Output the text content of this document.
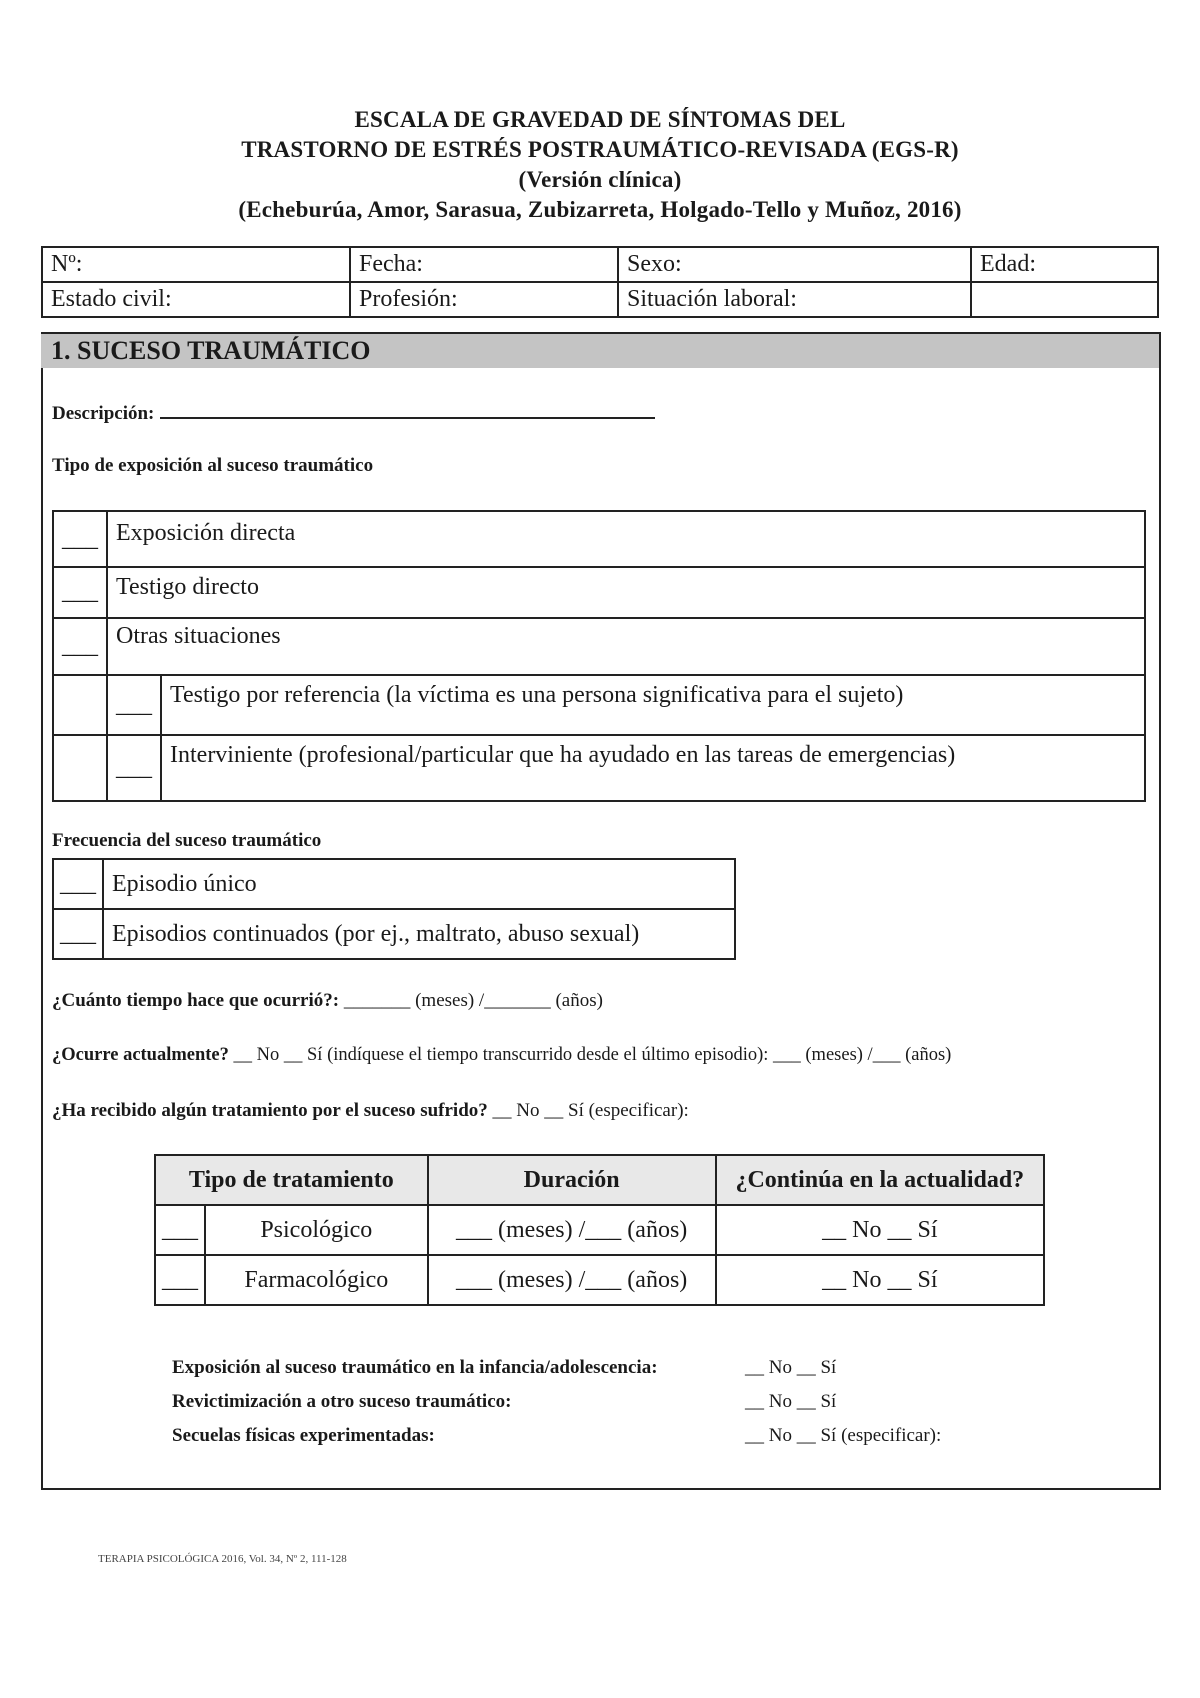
ESCALA DE GRAVEDAD DE SÍNTOMAS DEL
TRASTORNO DE ESTRÉS POSTRAUMÁTICO-REVISADA (EGS-R)
(Versión clínica)
(Echeburúa, Amor, Sarasua, Zubizarreta, Holgado-Tello y Muñoz, 2016)
Nº:	Fecha:	Sexo:	Edad:
Estado civil:	Profesión:	Situación laboral:	
1. SUCESO TRAUMÁTICO
Descripción:
Tipo de exposición al suceso traumático
___	Exposición directa	
___	Testigo directo	
___	Otras situaciones	
	___	Testigo por referencia (la víctima es una persona significativa para el sujeto)
	___	Interviniente (profesional/particular que ha ayudado en las tareas de emergencias)
Frecuencia del suceso traumático
___	Episodio único
___	Episodios continuados (por ej., maltrato, abuso sexual)
¿Cuánto tiempo hace que ocurrió?: _______ (meses) /_______ (años)
¿Ocurre actualmente? __ No __ Sí (indíquese el tiempo transcurrido desde el último episodio): ___ (meses) /___ (años)
¿Ha recibido algún tratamiento por el suceso sufrido? __ No __ Sí (especificar):
Tipo de tratamiento		Duración	¿Continúa en la actualidad?
___	Psicológico	___ (meses) /___ (años)	__ No __ Sí
___	Farmacológico	___ (meses) /___ (años)	__ No __ Sí
Exposición al suceso traumático en la infancia/adolescencia:	__ No __ Sí
Revictimización a otro suceso traumático:	__ No __ Sí
Secuelas físicas experimentadas:	__ No __ Sí (especificar):
TERAPIA PSICOLÓGICA 2016, Vol. 34, Nº 2, 111-128
